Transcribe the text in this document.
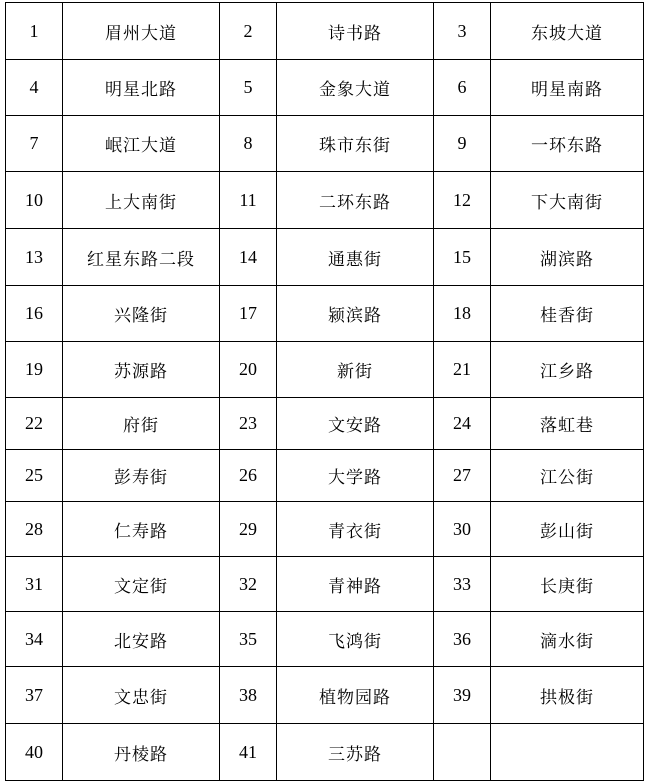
1	眉州大道	2	诗书路	3	东坡大道
4	明星北路	5	金象大道	6	明星南路
7	岷江大道	8	珠市东街	9	一环东路
10	上大南街	11	二环东路	12	下大南街
13	红星东路二段	14	通惠街	15	湖滨路
16	兴隆街	17	颍滨路	18	桂香街
19	苏源路	20	新街	21	江乡路
22	府街	23	文安路	24	落虹巷
25	彭寿街	26	大学路	27	江公街
28	仁寿路	29	青衣街	30	彭山街
31	文定街	32	青神路	33	长庚街
34	北安路	35	飞鸿街	36	滴水街
37	文忠街	38	植物园路	39	拱极街
40	丹棱路	41	三苏路		
